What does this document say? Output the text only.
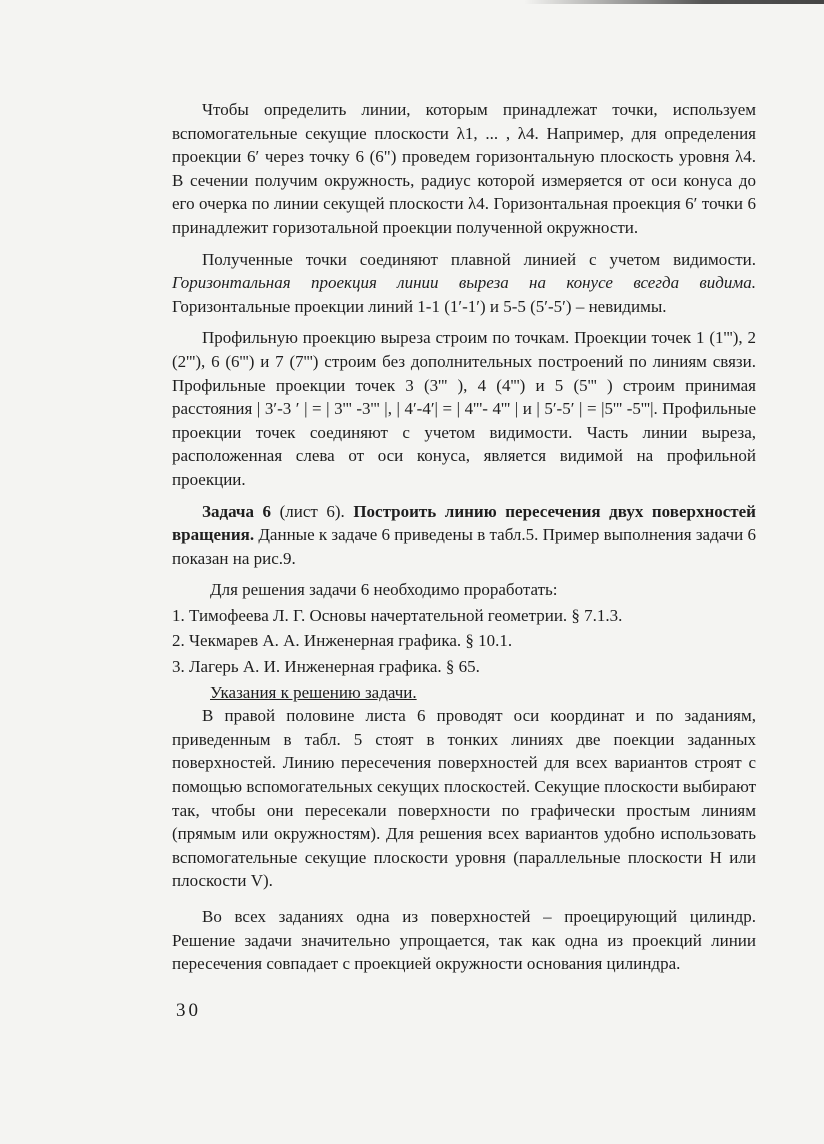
Чтобы определить линии, которым принадлежат точки, используем вспомогательные секущие плоскости λ1, ... , λ4. Например, для определения проекции 6′ через точку 6 (6") проведем горизонтальную плоскость уровня λ4. В сечении получим окружность, радиус которой измеряется от оси конуса до его очерка по линии секущей плоскости λ4. Горизонтальная проекция 6′ точки 6 принадлежит горизотальной проекции полученной окружности.

Полученные точки соединяют плавной линией с учетом видимости. Горизонтальная проекция линии выреза на конусе всегда видима. Горизонтальные проекции линий 1-1 (1′-1′) и 5-5 (5′-5′) – невидимы.

Профильную проекцию выреза строим по точкам. Проекции точек 1 (1'''), 2 (2'''), 6 (6''') и 7 (7''') строим без дополнительных построений по линиям связи. Профильные проекции точек 3 (3''' ), 4 (4''') и 5 (5''' ) строим принимая расстояния | 3′-3 ′ | = | 3''' -3''' |, | 4′-4′| = | 4'''- 4''' | и | 5′-5′ | = |5''' -5'''|. Профильные проекции точек соединяют с учетом видимости. Часть линии выреза, расположенная слева от оси конуса, является видимой на профильной проекции.

Задача 6 (лист 6). Построить линию пересечения двух поверхностей вращения. Данные к задаче 6 приведены в табл.5. Пример выполнения задачи 6 показан на рис.9.

Для решения задачи 6 необходимо проработать:

1. Тимофеева Л. Г. Основы начертательной геометрии. § 7.1.3.

2. Чекмарев А. А. Инженерная графика. § 10.1.

3. Лагерь А. И. Инженерная графика. § 65.

Указания к решению задачи.

В правой половине листа 6 проводят оси координат и по заданиям, приведенным в табл. 5 стоят в тонких линиях две поекции заданных поверхностей. Линию пересечения поверхностей для всех вариантов строят с помощью вспомогательных секущих плоскостей. Секущие плоскости выбирают так, чтобы они пересекали поверхности по графически простым линиям (прямым или окружностям). Для решения всех вариантов удобно использовать вспомогательные секущие плоскости уровня (параллельные плоскости Н или плоскости V).

Во всех заданиях одна из поверхностей – проецирующий цилиндр. Решение задачи значительно упрощается, так как одна из проекций линии пересечения совпадает с проекцией окружности основания цилиндра.

30
